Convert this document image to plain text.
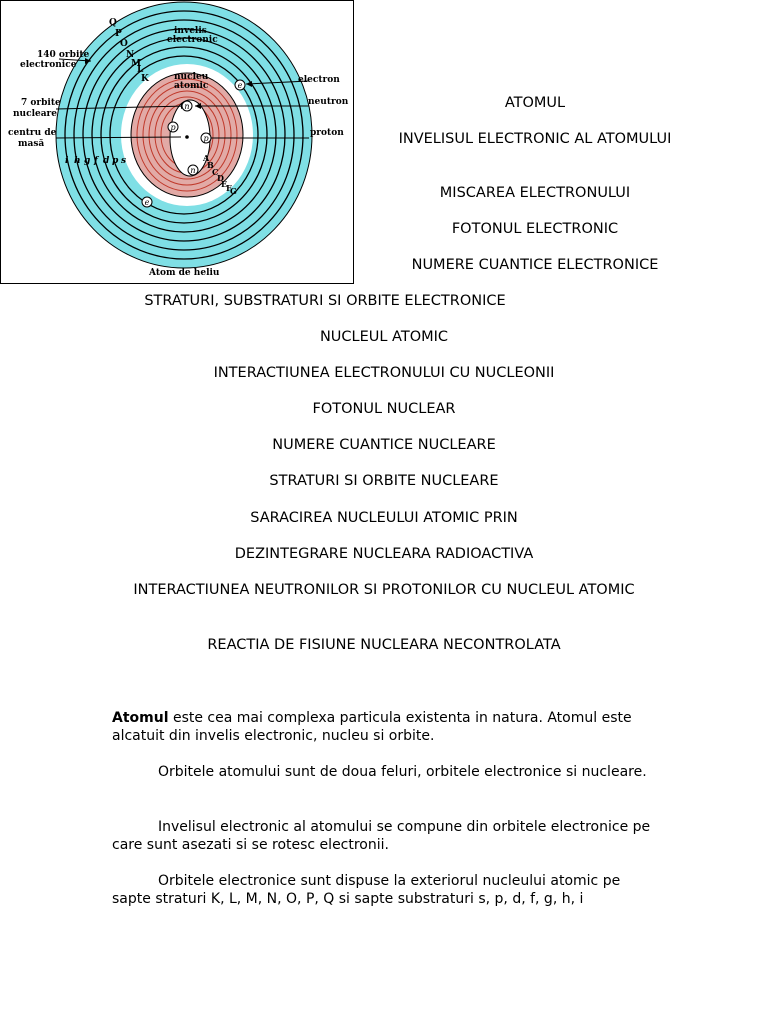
e
n
p
p
n
e
140 orbite
electronice
invelis
electronic
electron
nucleu
atomic
7 orbite
nucleare
neutron
centru de
masă
proton
Atom de heliu
Q
P
O
N
M
L
K
i h g f d p s	A
B
C
D
E
F
G
ATOMUL
INVELISUL ELECTRONIC AL ATOMULUI
MISCAREA ELECTRONULUI
FOTONUL ELECTRONIC
NUMERE CUANTICE ELECTRONICE
STRATURI, SUBSTRATURI SI ORBITE ELECTRONICE
NUCLEUL ATOMIC
INTERACTIUNEA ELECTRONULUI CU NUCLEONII
FOTONUL NUCLEAR
NUMERE CUANTICE NUCLEARE
STRATURI SI ORBITE NUCLEARE
SARACIREA NUCLEULUI ATOMIC PRIN
DEZINTEGRARE NUCLEARA RADIOACTIVA
INTERACTIUNEA NEUTRONILOR SI PROTONILOR CU NUCLEUL ATOMIC
REACTIA DE FISIUNE NUCLEARA NECONTROLATA
Atomul este cea mai complexa particula existenta in natura. Atomul este alcatuit din invelis electronic, nucleu si orbite.
Orbitele atomului sunt de doua feluri, orbitele electronice si nucleare.
Invelisul electronic al atomului se compune din orbitele electronice pe care sunt asezati si se rotesc electronii.
Orbitele electronice sunt dispuse la exteriorul nucleului atomic pe sapte straturi K, L, M, N, O, P, Q si sapte substraturi s, p, d, f, g, h, i
